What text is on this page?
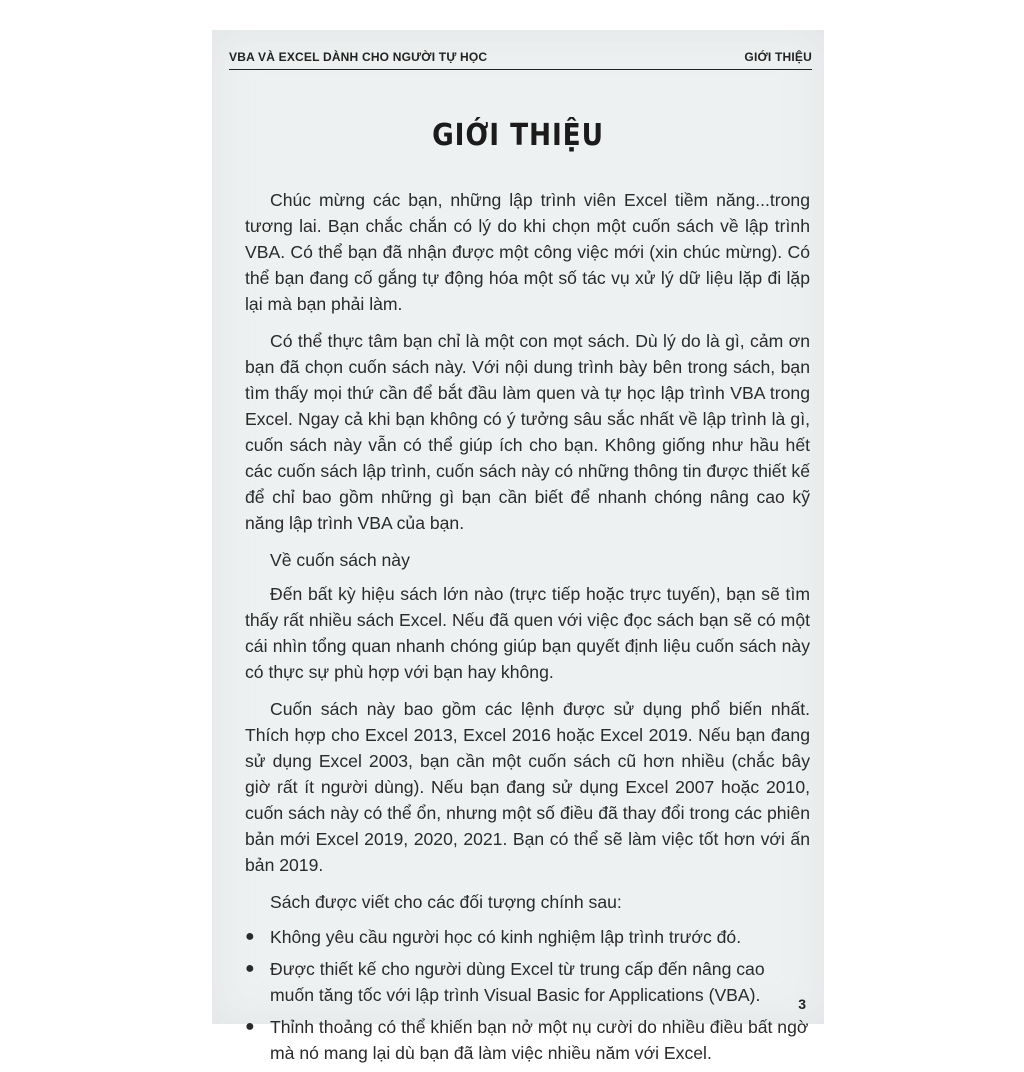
VBA VÀ EXCEL DÀNH CHO NGƯỜI TỰ HỌC	GIỚI THIỆU
GIỚI THIỆU

Chúc mừng các bạn, những lập trình viên Excel tiềm năng...trong tương lai. Bạn chắc chắn có lý do khi chọn một cuốn sách về lập trình VBA. Có thể bạn đã nhận được một công việc mới (xin chúc mừng). Có thể bạn đang cố gắng tự động hóa một số tác vụ xử lý dữ liệu lặp đi lặp lại mà bạn phải làm.

Có thể thực tâm bạn chỉ là một con mọt sách. Dù lý do là gì, cảm ơn bạn đã chọn cuốn sách này. Với nội dung trình bày bên trong sách, bạn tìm thấy mọi thứ cần để bắt đầu làm quen và tự học lập trình VBA trong Excel. Ngay cả khi bạn không có ý tưởng sâu sắc nhất về lập trình là gì, cuốn sách này vẫn có thể giúp ích cho bạn. Không giống như hầu hết các cuốn sách lập trình, cuốn sách này có những thông tin được thiết kế để chỉ bao gồm những gì bạn cần biết để nhanh chóng nâng cao kỹ năng lập trình VBA của bạn.

Về cuốn sách này

Đến bất kỳ hiệu sách lớn nào (trực tiếp hoặc trực tuyến), bạn sẽ tìm thấy rất nhiều sách Excel. Nếu đã quen với việc đọc sách bạn sẽ có một cái nhìn tổng quan nhanh chóng giúp bạn quyết định liệu cuốn sách này có thực sự phù hợp với bạn hay không.

Cuốn sách này bao gồm các lệnh được sử dụng phổ biến nhất. Thích hợp cho Excel 2013, Excel 2016 hoặc Excel 2019. Nếu bạn đang sử dụng Excel 2003, bạn cần một cuốn sách cũ hơn nhiều (chắc bây giờ rất ít người dùng). Nếu bạn đang sử dụng Excel 2007 hoặc 2010, cuốn sách này có thể ổn, nhưng một số điều đã thay đổi trong các phiên bản mới Excel 2019, 2020, 2021. Bạn có thể sẽ làm việc tốt hơn với ấn bản 2019.

Sách được viết cho các đối tượng chính sau:

● Không yêu cầu người học có kinh nghiệm lập trình trước đó.
● Được thiết kế cho người dùng Excel từ trung cấp đến nâng cao muốn tăng tốc với lập trình Visual Basic for Applications (VBA).
● Thỉnh thoảng có thể khiến bạn nở một nụ cười do nhiều điều bất ngờ mà nó mang lại dù bạn đã làm việc nhiều năm với Excel.
3
